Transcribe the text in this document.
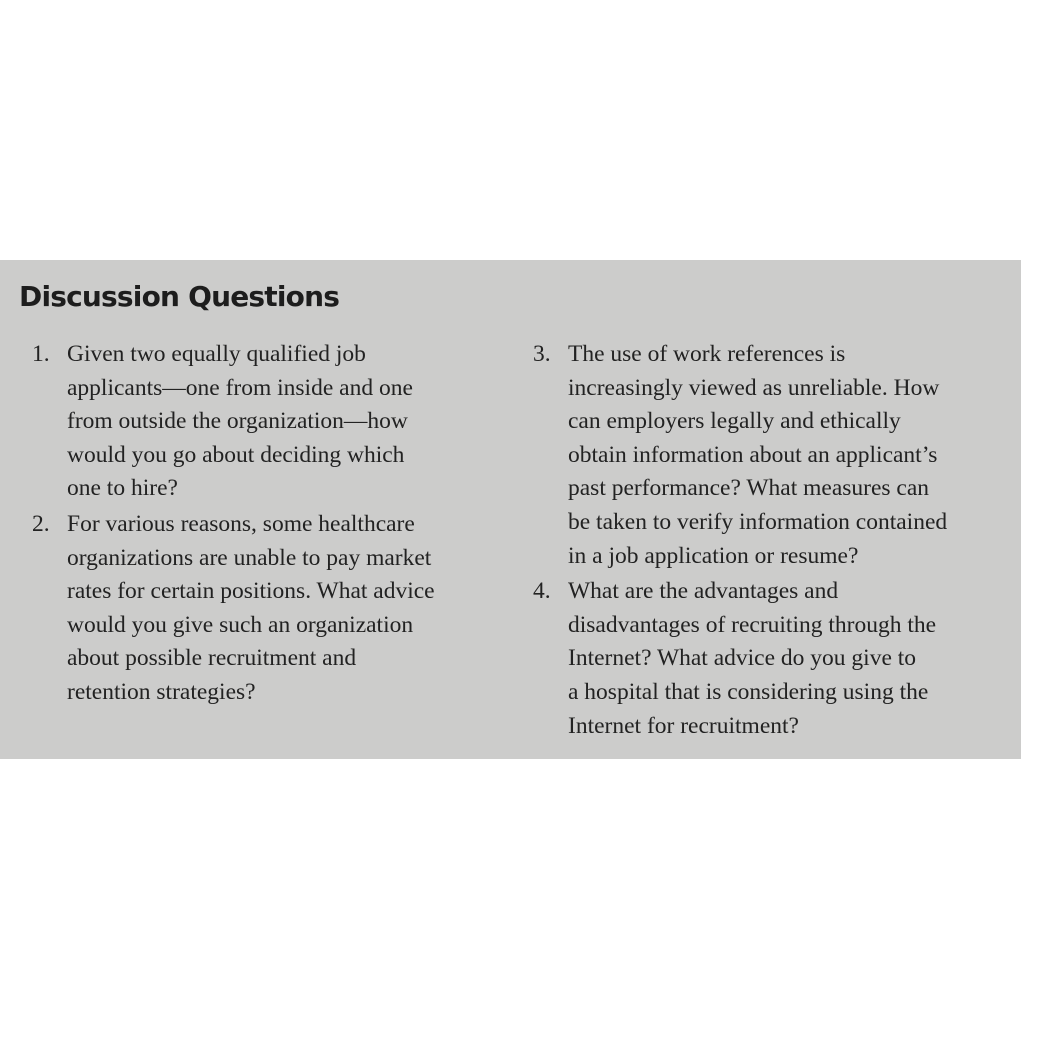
Discussion Questions
1. Given two equally qualified job
applicants—one from inside and one
from outside the organization—how
would you go about deciding which
one to hire?
2. For various reasons, some healthcare
organizations are unable to pay market
rates for certain positions. What advice
would you give such an organization
about possible recruitment and
retention strategies?
3. The use of work references is
increasingly viewed as unreliable. How
can employers legally and ethically
obtain information about an applicant’s
past performance? What measures can
be taken to verify information contained
in a job application or resume?
4. What are the advantages and
disadvantages of recruiting through the
Internet? What advice do you give to
a hospital that is considering using the
Internet for recruitment?
